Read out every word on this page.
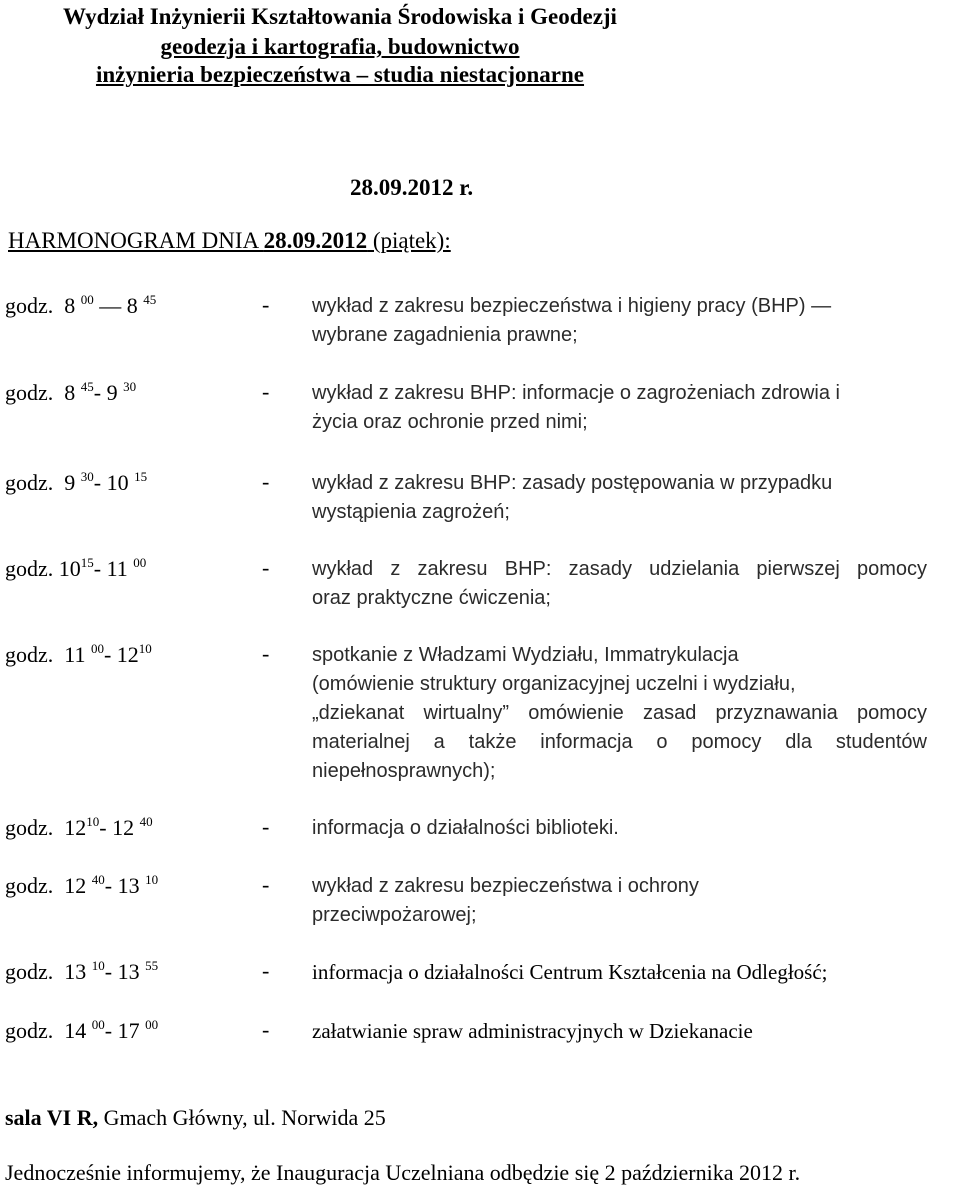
Wydział Inżynierii Kształtowania Środowiska i Geodezji
geodezja i kartografia, budownictwo
inżynieria bezpieczeństwa – studia niestacjonarne
28.09.2012 r.
HARMONOGRAM DNIA 28.09.2012 (piątek):
godz. 8 $^{00}$ — 8 $^{45}$	- wykład z zakresu bezpieczeństwa i higieny pracy (BHP) —
wybrane zagadnienia prawne;
godz. 8 $^{45}$- 9 $^{30}$	- wykład z zakresu BHP: informacje o zagrożeniach zdrowia i
życia oraz ochronie przed nimi;
godz. 9 $^{30}$- 10 $^{15}$	- wykład z zakresu BHP: zasady postępowania w przypadku
wystąpienia zagrożeń;
godz. $10^{15}-$ 11 $^{00}$	- wykład z zakresu BHP: zasady udzielania pierwszej pomocy
oraz praktyczne ćwiczenia;
godz. 11 $^{00}$- $12^{10}$	- spotkanie z Władzami Wydziału, Immatrykulacja
(omówienie struktury organizacyjnej uczelni i wydziału,
„dziekanat wirtualny” omówienie zasad przyznawania pomocy
materialnej a także informacja o pomocy dla studentów
niepełnosprawnych);
godz. $12^{10}-$ 12 $^{40}$	- informacja o działalności biblioteki.
godz. 12 $^{40}$- 13 $^{10}$	- wykład z zakresu bezpieczeństwa i ochrony
przeciwpożarowej;
godz. 13 $^{10}$- 13 $^{55}$	- informacja o działalności Centrum Kształcenia na Odległość;
godz. 14 $^{00}$- 17 $^{00}$	- załatwianie spraw administracyjnych w Dziekanacie
sala VI R, Gmach Główny, ul. Norwida 25
Jednocześnie informujemy, że Inauguracja Uczelniana odbędzie się 2 października 2012 r.
